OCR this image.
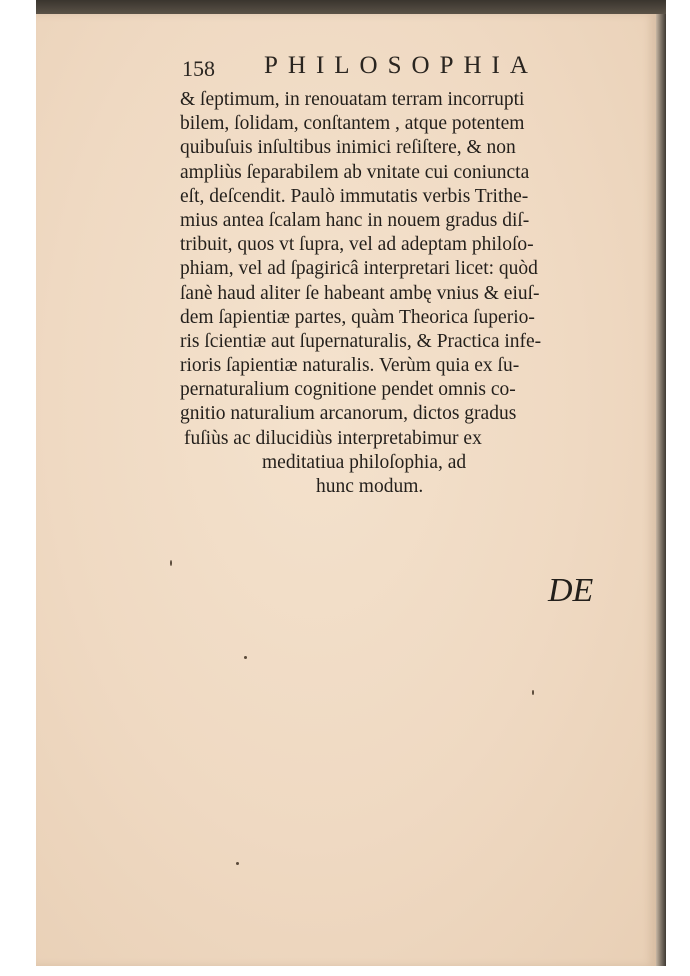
158 PHILOSOPHIA
& ſeptimum, in renouatam terram incorrupti
bilem, ſolidam, conſtantem , atque potentem
quibuſuis inſultibus inimici reſiſtere, & non
ampliùs ſeparabilem ab vnitate cui coniuncta
eſt, deſcendit. Paulò immutatis verbis Trithe-
mius antea ſcalam hanc in nouem gradus diſ-
tribuit, quos vt ſupra, vel ad adeptam philoſo-
phiam, vel ad ſpagiricâ interpretari licet: quòd
ſanè haud aliter ſe habeant ambę vnius & eiuſ-
dem ſapientiæ partes, quàm Theorica ſuperio-
ris ſcientiæ aut ſupernaturalis, & Practica infe-
rioris ſapientiæ naturalis. Verùm quia ex ſu-
pernaturalium cognitione pendet omnis co-
gnitio naturalium arcanorum, dictos gradus
fuſiùs ac dilucidiùs interpretabimur ex
meditatiua philoſophia, ad
hunc modum.
DE
